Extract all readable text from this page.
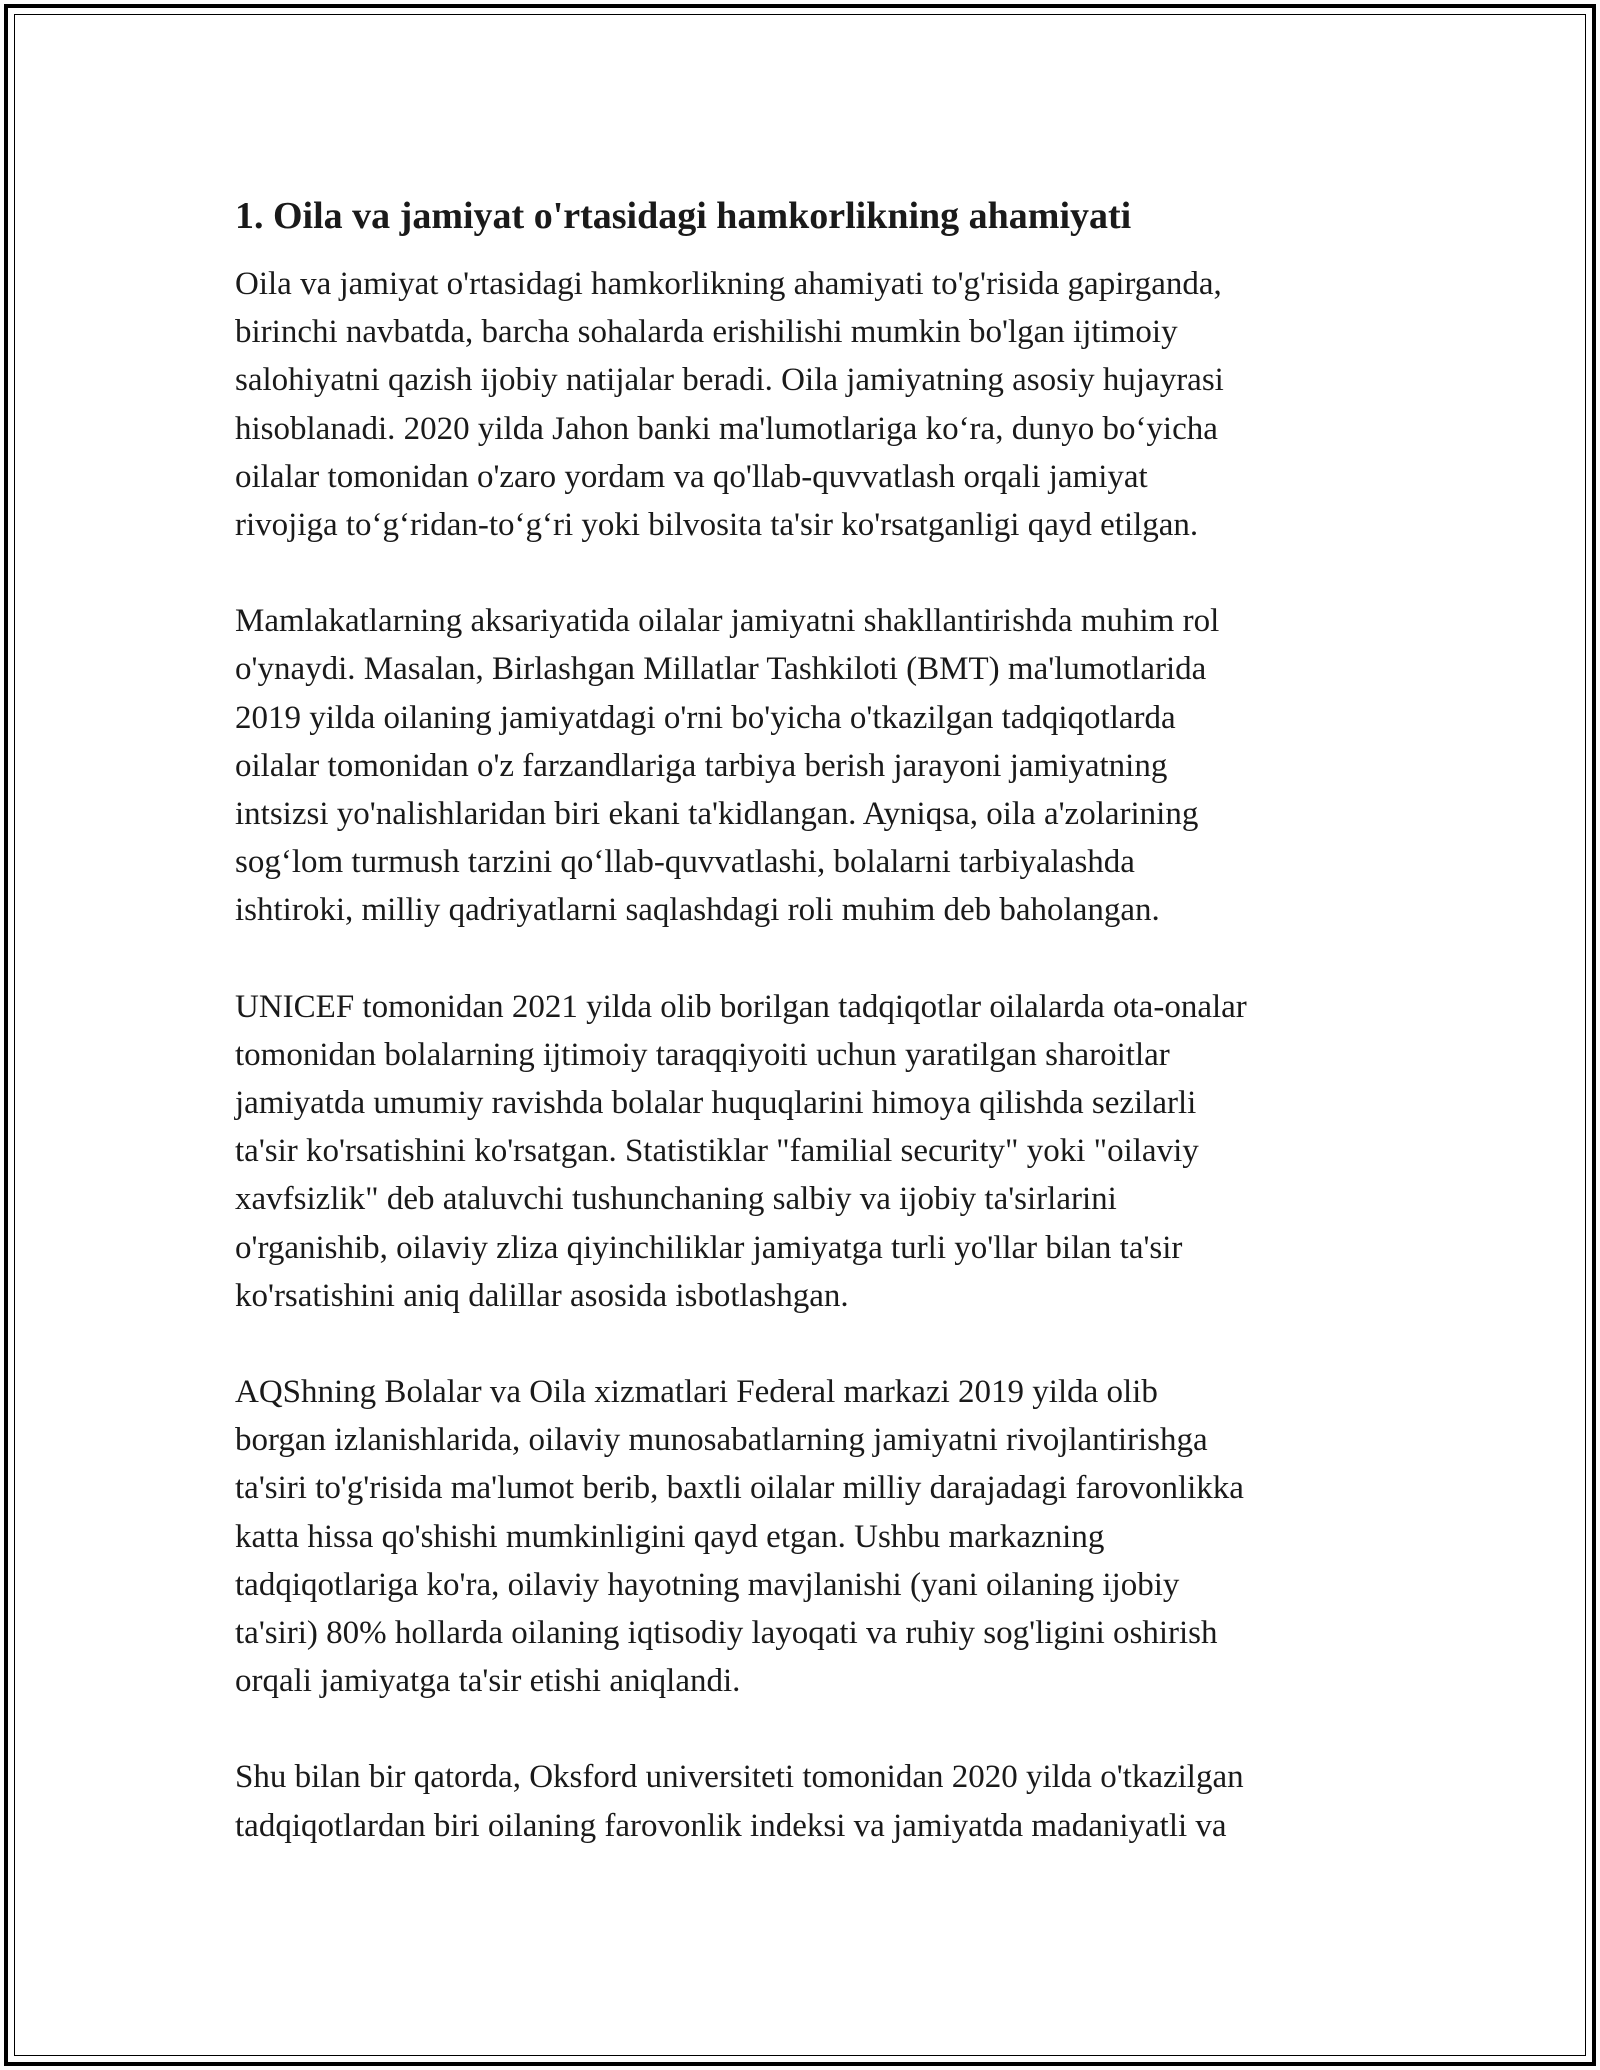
1. Oila va jamiyat o'rtasidagi hamkorlikning ahamiyati
Oila va jamiyat o'rtasidagi hamkorlikning ahamiyati to'g'risida gapirganda,
birinchi navbatda, barcha sohalarda erishilishi mumkin bo'lgan ijtimoiy
salohiyatni qazish ijobiy natijalar beradi. Oila jamiyatning asosiy hujayrasi
hisoblanadi. 2020 yilda Jahon banki ma'lumotlariga ko‘ra, dunyo bo‘yicha
oilalar tomonidan o'zaro yordam va qo'llab-quvvatlash orqali jamiyat
rivojiga to‘g‘ridan-to‘g‘ri yoki bilvosita ta'sir ko'rsatganligi qayd etilgan.
Mamlakatlarning aksariyatida oilalar jamiyatni shakllantirishda muhim rol
o'ynaydi. Masalan, Birlashgan Millatlar Tashkiloti (BMT) ma'lumotlarida
2019 yilda oilaning jamiyatdagi o'rni bo'yicha o'tkazilgan tadqiqotlarda
oilalar tomonidan o'z farzandlariga tarbiya berish jarayoni jamiyatning
intsizsi yo'nalishlaridan biri ekani ta'kidlangan. Ayniqsa, oila a'zolarining
sog‘lom turmush tarzini qo‘llab-quvvatlashi, bolalarni tarbiyalashda
ishtiroki, milliy qadriyatlarni saqlashdagi roli muhim deb baholangan.
UNICEF tomonidan 2021 yilda olib borilgan tadqiqotlar oilalarda ota-onalar
tomonidan bolalarning ijtimoiy taraqqiyoiti uchun yaratilgan sharoitlar
jamiyatda umumiy ravishda bolalar huquqlarini himoya qilishda sezilarli
ta'sir ko'rsatishini ko'rsatgan. Statistiklar "familial security" yoki "oilaviy
xavfsizlik" deb ataluvchi tushunchaning salbiy va ijobiy ta'sirlarini
o'rganishib, oilaviy zliza qiyinchiliklar jamiyatga turli yo'llar bilan ta'sir
ko'rsatishini aniq dalillar asosida isbotlashgan.
AQShning Bolalar va Oila xizmatlari Federal markazi 2019 yilda olib
borgan izlanishlarida, oilaviy munosabatlarning jamiyatni rivojlantirishga
ta'siri to'g'risida ma'lumot berib, baxtli oilalar milliy darajadagi farovonlikka
katta hissa qo'shishi mumkinligini qayd etgan. Ushbu markazning
tadqiqotlariga ko'ra, oilaviy hayotning mavjlanishi (yani oilaning ijobiy
ta'siri) 80% hollarda oilaning iqtisodiy layoqati va ruhiy sog'ligini oshirish
orqali jamiyatga ta'sir etishi aniqlandi.
Shu bilan bir qatorda, Oksford universiteti tomonidan 2020 yilda o'tkazilgan
tadqiqotlardan biri oilaning farovonlik indeksi va jamiyatda madaniyatli va
